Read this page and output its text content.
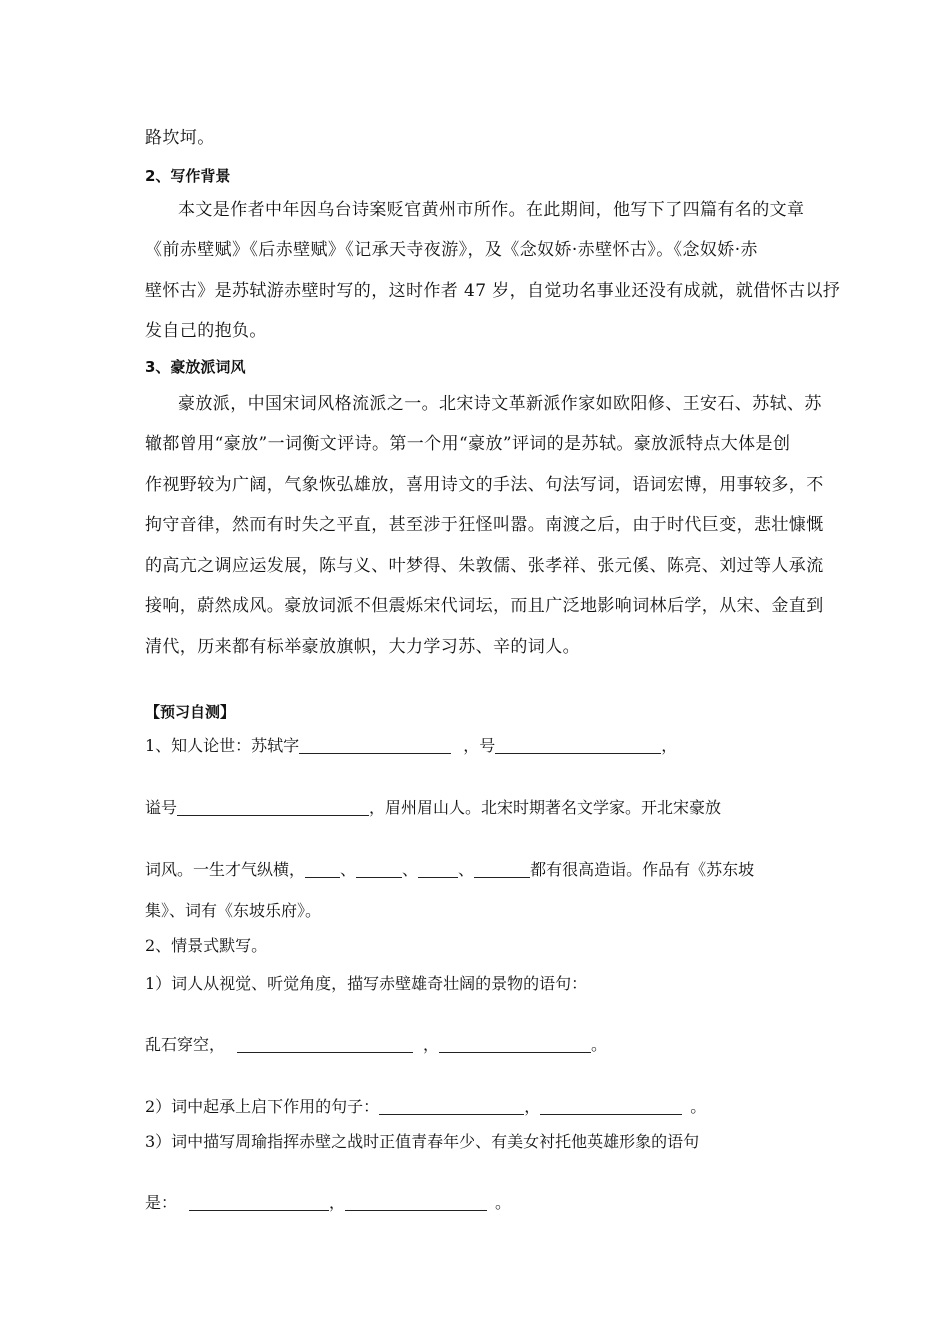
路坎坷。
2、写作背景
本文是作者中年因乌台诗案贬官黄州市所作。在此期间，他写下了四篇有名的文章
《前赤壁赋》《后赤壁赋》《记承天寺夜游》，及《念奴娇·赤壁怀古》。《念奴娇·赤
壁怀古》是苏轼游赤壁时写的，这时作者 47 岁，自觉功名事业还没有成就，就借怀古以抒
发自己的抱负。
3、豪放派词风
豪放派，中国宋词风格流派之一。北宋诗文革新派作家如欧阳修、王安石、苏轼、苏
辙都曾用“豪放”一词衡文评诗。第一个用“豪放”评词的是苏轼。豪放派特点大体是创
作视野较为广阔，气象恢弘雄放，喜用诗文的手法、句法写词，语词宏博，用事较多，不
拘守音律，然而有时失之平直，甚至涉于狂怪叫嚣。南渡之后，由于时代巨变，悲壮慷慨
的高亢之调应运发展，陈与义、叶梦得、朱敦儒、张孝祥、张元傒、陈亮、刘过等人承流
接响，蔚然成风。豪放词派不但震烁宋代词坛，而且广泛地影响词林后学，从宋、金直到
清代，历来都有标举豪放旗帜，大力学习苏、辛的词人。
【预习自测】
1、知人论世：苏轼字	，号	，
谥号	，眉州眉山人。北宋时期著名文学家。开北宋豪放
词风。一生才气纵横， 、	、	、	都有很高造诣。作品有《苏东坡
集》、词有《东坡乐府》。
2、情景式默写。
1）词人从视觉、听觉角度，描写赤壁雄奇壮阔的景物的语句：
乱石穿空，	，	。
2）词中起承上启下作用的句子：	，	。
3）词中描写周瑜指挥赤壁之战时正值青春年少、有美女衬托他英雄形象的语句
是：	，	。
